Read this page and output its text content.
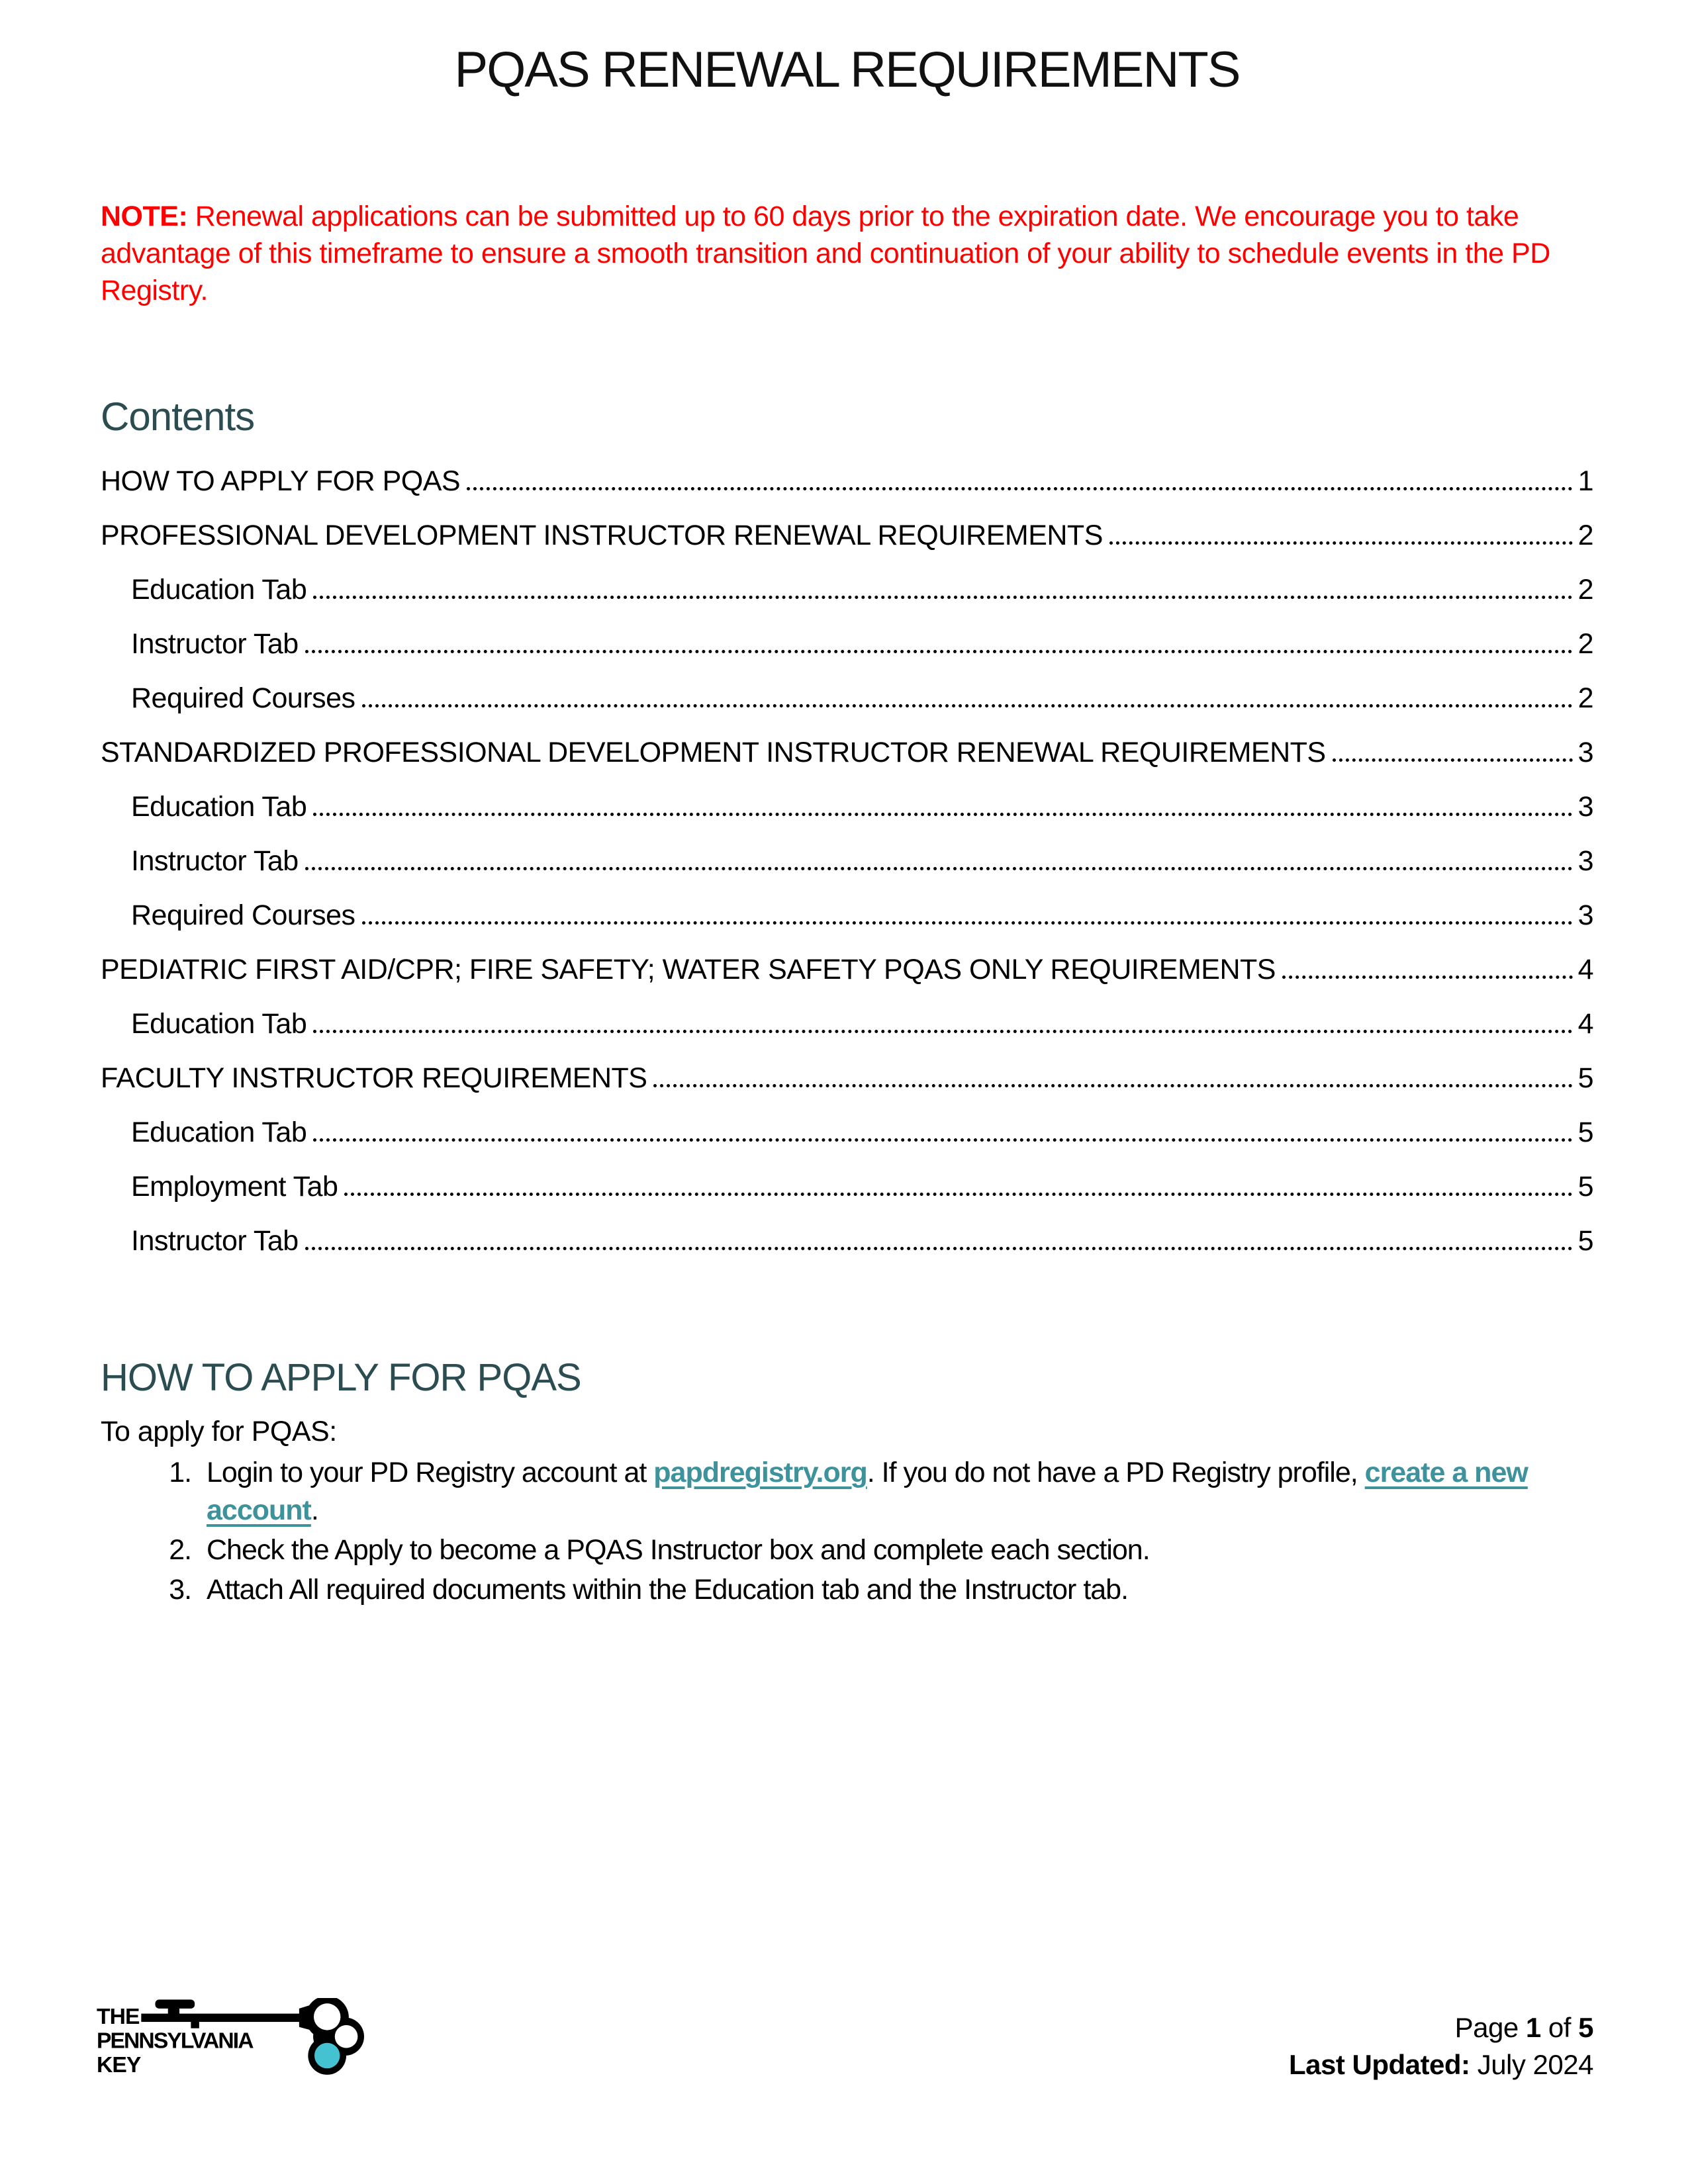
PQAS RENEWAL REQUIREMENTS

NOTE: Renewal applications can be submitted up to 60 days prior to the expiration date. We encourage you to take advantage of this timeframe to ensure a smooth transition and continuation of your ability to schedule events in the PD Registry.

Contents
HOW TO APPLY FOR PQAS	1
PROFESSIONAL DEVELOPMENT INSTRUCTOR RENEWAL REQUIREMENTS	2
Education Tab	2
Instructor Tab	2
Required Courses	2
STANDARDIZED PROFESSIONAL DEVELOPMENT INSTRUCTOR RENEWAL REQUIREMENTS	3
Education Tab	3
Instructor Tab	3
Required Courses	3
PEDIATRIC FIRST AID/CPR; FIRE SAFETY; WATER SAFETY PQAS ONLY REQUIREMENTS	4
Education Tab	4
FACULTY INSTRUCTOR REQUIREMENTS	5
Education Tab	5
Employment Tab	5
Instructor Tab	5
HOW TO APPLY FOR PQAS

To apply for PQAS:

1. Login to your PD Registry account at papdregistry.org. If you do not have a PD Registry profile, create a new account.
2. Check the Apply to become a PQAS Instructor box and complete each section.
3. Attach All required documents within the Education tab and the Instructor tab.
THE
PENNSYLVANIA
KEY
Page 1 of 5
Last Updated: July 2024
